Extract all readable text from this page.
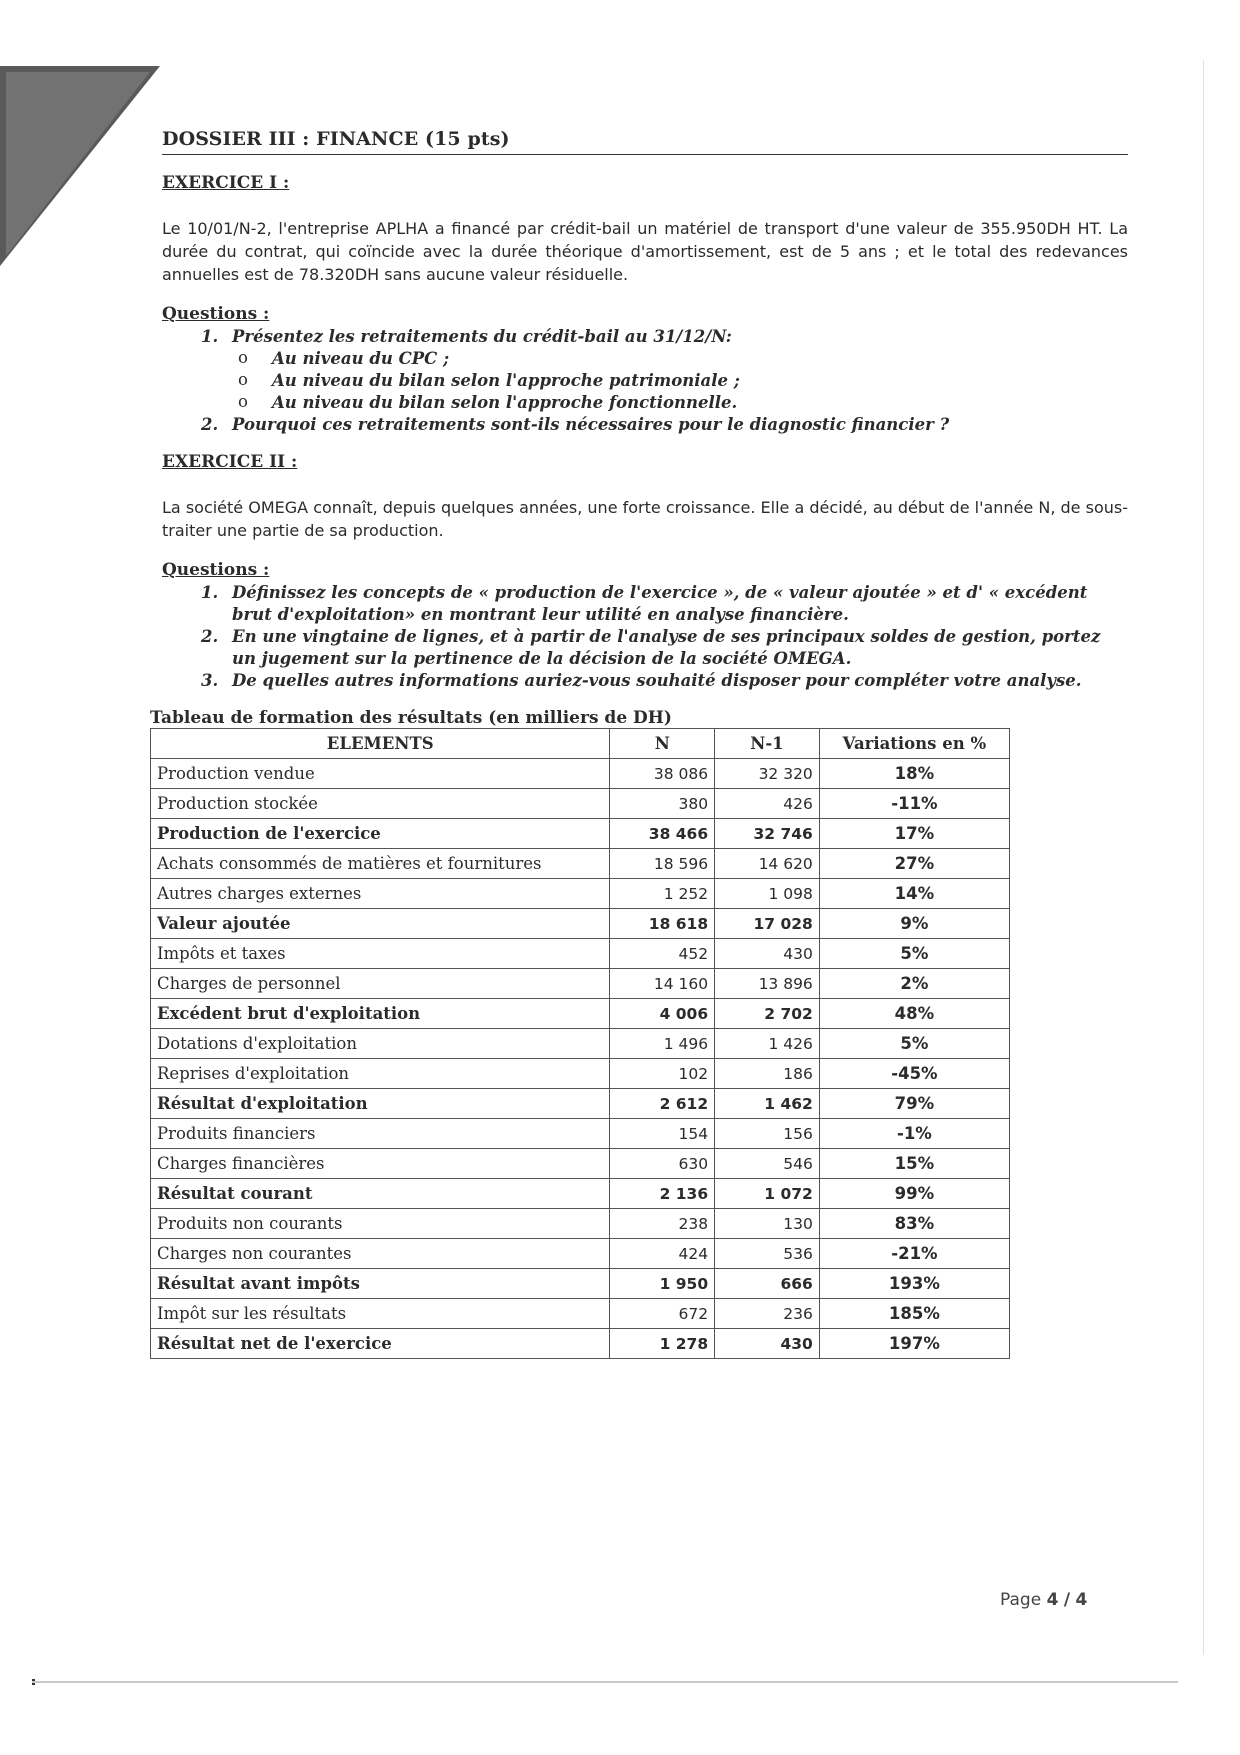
DOSSIER III : FINANCE (15 pts)
EXERCICE I :

Le 10/01/N-2, l'entreprise APLHA a financé par crédit-bail un matériel de transport d'une valeur de 355.950DH HT. La durée du contrat, qui coïncide avec la durée théorique d'amortissement, est de 5 ans ; et le total des redevances annuelles est de 78.320DH sans aucune valeur résiduelle.

Questions :
1. Présentez les retraitements du crédit-bail au 31/12/N:
o Au niveau du CPC ;
o Au niveau du bilan selon l'approche patrimoniale ;
o Au niveau du bilan selon l'approche fonctionnelle.
2. Pourquoi ces retraitements sont-ils nécessaires pour le diagnostic financier ?
EXERCICE II :

La société OMEGA connaît, depuis quelques années, une forte croissance. Elle a décidé, au début de l'année N, de sous-traiter une partie de sa production.

Questions :
1. Définissez les concepts de « production de l'exercice », de « valeur ajoutée » et d' « excédent brut d'exploitation» en montrant leur utilité en analyse financière.
2. En une vingtaine de lignes, et à partir de l'analyse de ses principaux soldes de gestion, portez un jugement sur la pertinence de la décision de la société OMEGA.
3. De quelles autres informations auriez-vous souhaité disposer pour compléter votre analyse.
Tableau de formation des résultats (en milliers de DH)
ELEMENTS	N	N-1	Variations en %
Production vendue	38 086	32 320	18%
Production stockée	380	426	-11%
Production de l'exercice	38 466	32 746	17%
Achats consommés de matières et fournitures	18 596	14 620	27%
Autres charges externes	1 252	1 098	14%
Valeur ajoutée	18 618	17 028	9%
Impôts et taxes	452	430	5%
Charges de personnel	14 160	13 896	2%
Excédent brut d'exploitation	4 006	2 702	48%
Dotations d'exploitation	1 496	1 426	5%
Reprises d'exploitation	102	186	-45%
Résultat d'exploitation	2 612	1 462	79%
Produits financiers	154	156	-1%
Charges financières	630	546	15%
Résultat courant	2 136	1 072	99%
Produits non courants	238	130	83%
Charges non courantes	424	536	-21%
Résultat avant impôts	1 950	666	193%
Impôt sur les résultats	672	236	185%
Résultat net de l'exercice	1 278	430	197%
Page 4 / 4
